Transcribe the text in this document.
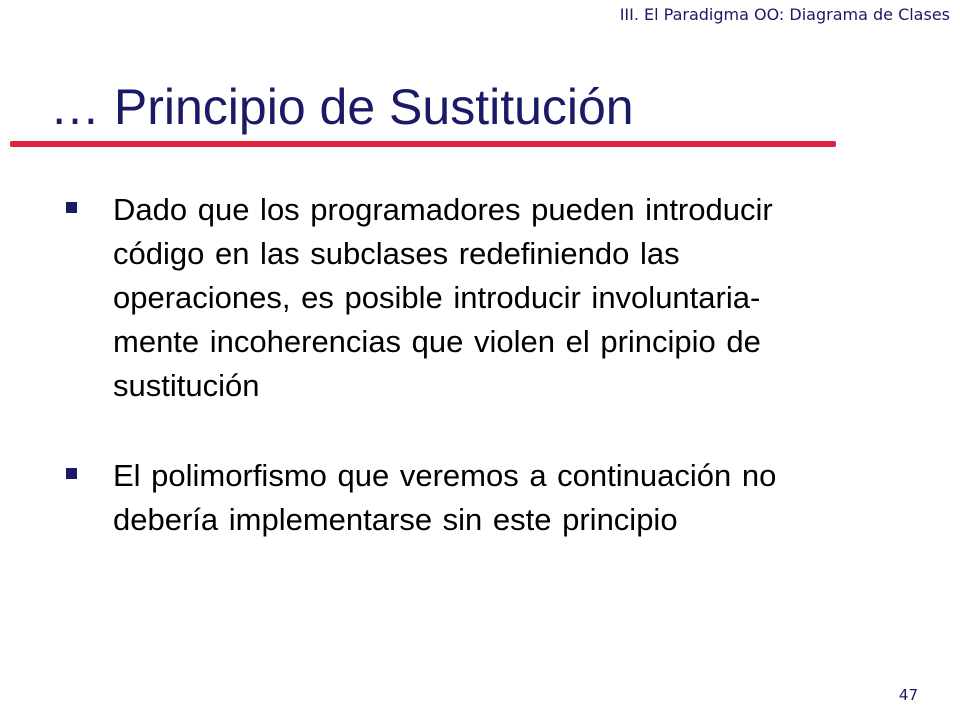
III. El Paradigma OO: Diagrama de Clases
… Principio de Sustitución
Dado que los programadores pueden introducir
código en las subclases redefiniendo las
operaciones, es posible introducir involuntaria-
mente incoherencias que violen el principio de
sustitución
El polimorfismo que veremos a continuación no
debería implementarse sin este principio
47
